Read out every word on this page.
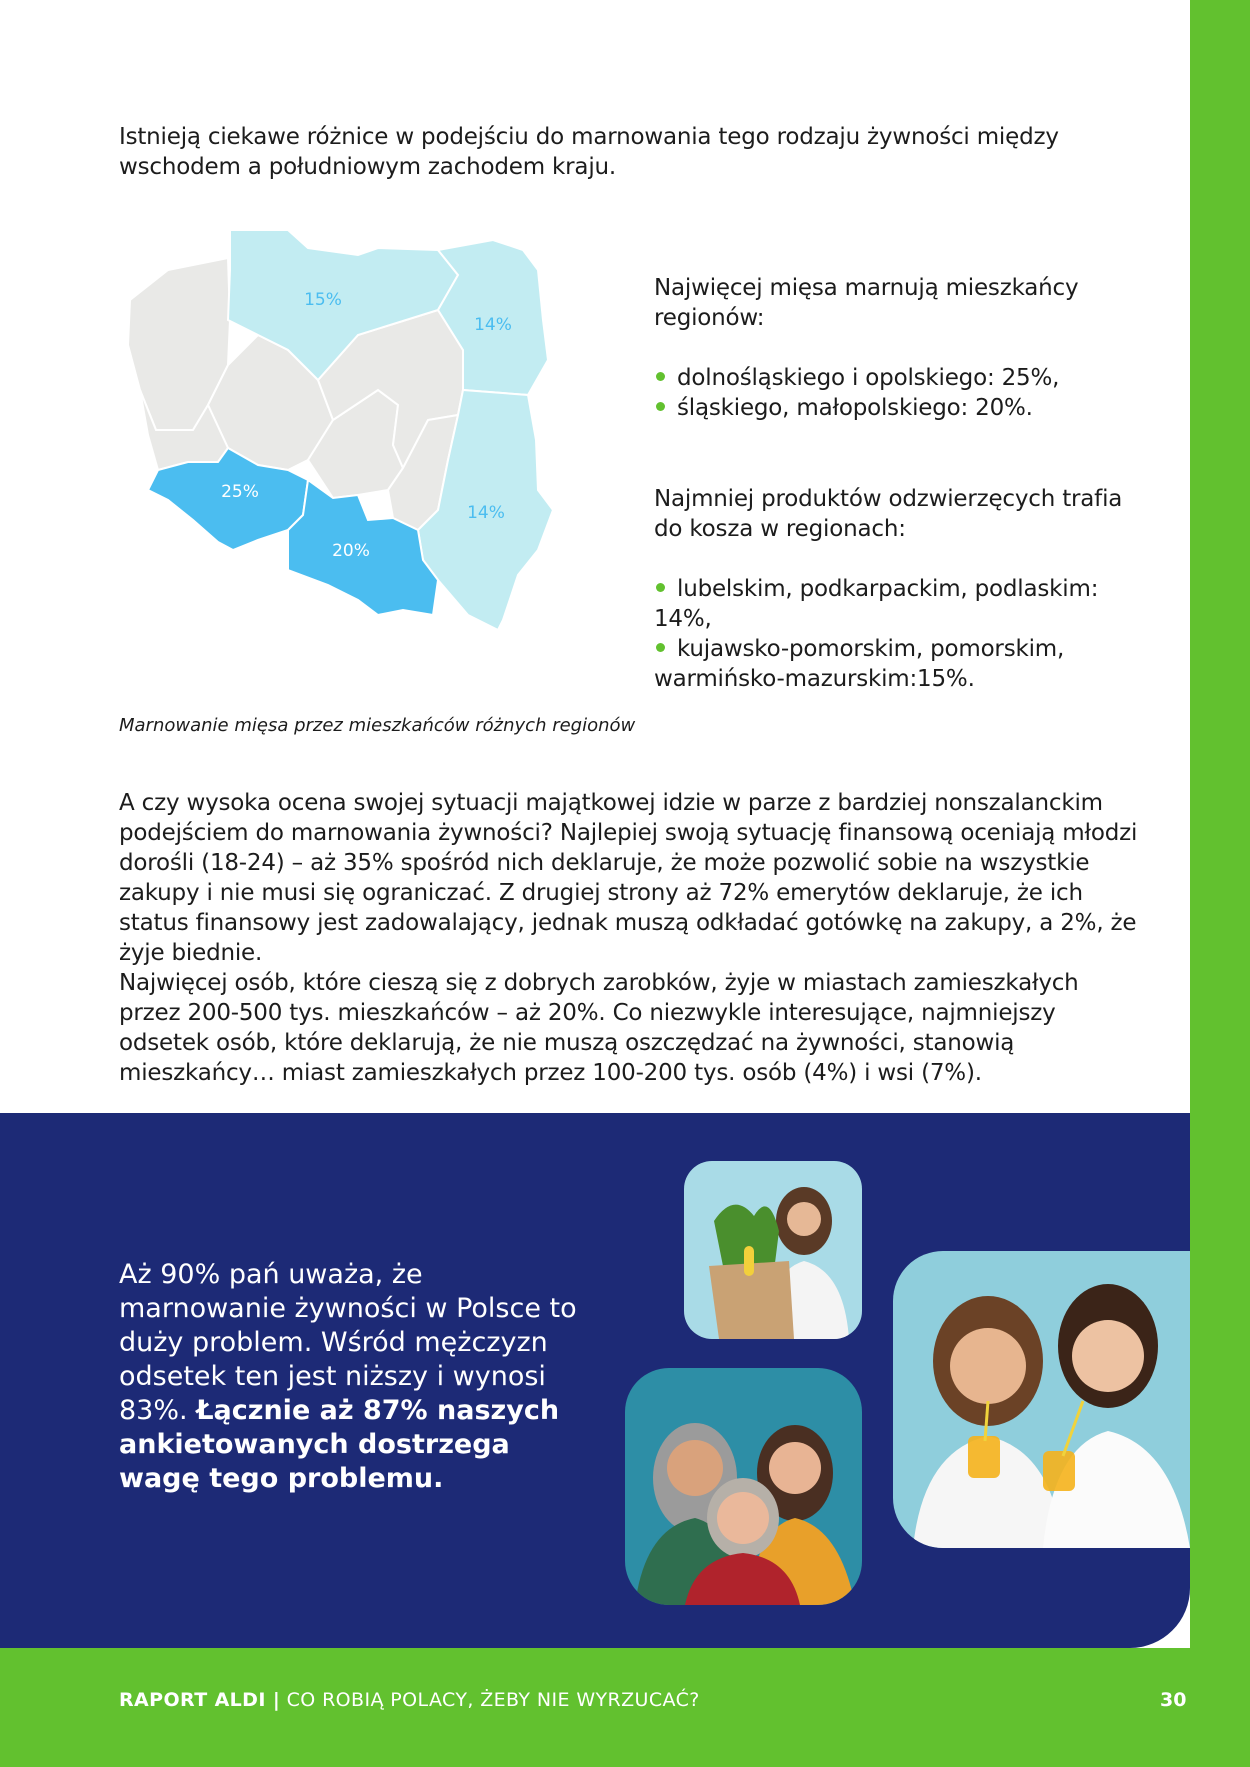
Istnieją ciekawe różnice w podejściu do marnowania tego rodzaju żywności między wschodem a południowym zachodem kraju.

15%
14%
25%
20%
14%

Marnowanie mięsa przez mieszkańców różnych regionów

Najwięcej mięsa marnują mieszkańcy regionów:

dolnośląskiego i opolskiego: 25%,

śląskiego, małopolskiego: 20%.

Najmniej produktów odzwierzęcych trafia do kosza w regionach:

lubelskim, podkarpackim, podlaskim: 14%,

kujawsko-pomorskim, pomorskim, warmińsko-mazurskim:15%.

A czy wysoka ocena swojej sytuacji majątkowej idzie w parze z bardziej nonszalanckim podejściem do marnowania żywności? Najlepiej swoją sytuację finansową oceniają młodzi dorośli (18-24) – aż 35% spośród nich deklaruje, że może pozwolić sobie na wszystkie zakupy i nie musi się ograniczać. Z drugiej strony aż 72% emerytów deklaruje, że ich status finansowy jest zadowalający, jednak muszą odkładać gotówkę na zakupy, a 2%, że żyje biednie.

Najwięcej osób, które cieszą się z dobrych zarobków, żyje w miastach zamieszkałych przez 200-500 tys. mieszkańców – aż 20%. Co niezwykle interesujące, najmniejszy odsetek osób, które deklarują, że nie muszą oszczędzać na żywności, stanowią mieszkańcy… miast zamieszkałych przez 100-200 tys. osób (4%) i wsi (7%).

Aż 90% pań uważa, że marnowanie żywności w Polsce to duży problem. Wśród mężczyzn odsetek ten jest niższy i wynosi 83%. Łącznie aż 87% naszych ankietowanych dostrzega wagę tego problemu.

RAPORT ALDI | CO ROBIĄ POLACY, ŻEBY NIE WYRZUCAĆ?	30
